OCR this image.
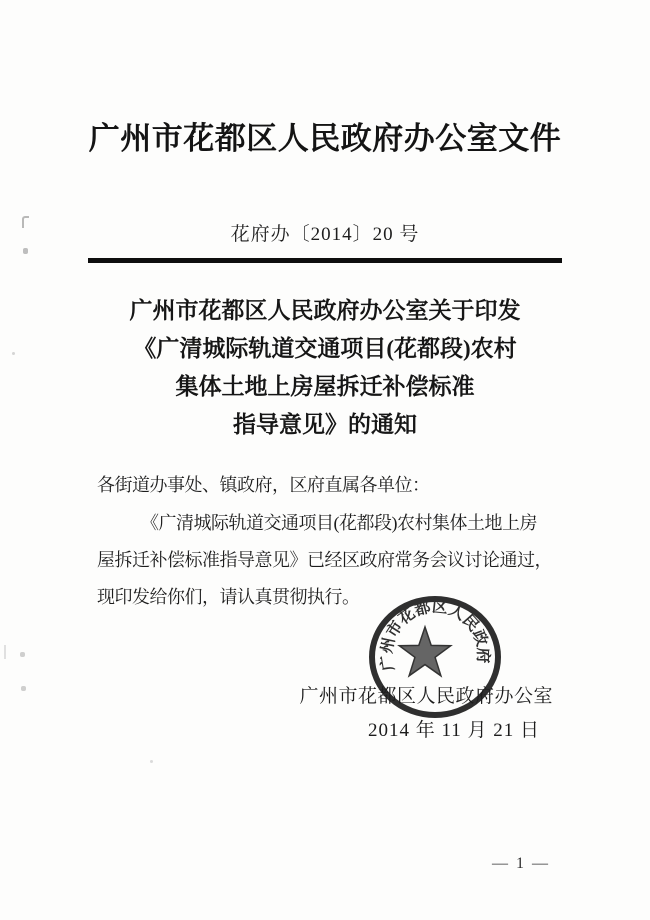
广州市花都区人民政府办公室文件
花府办〔2014〕20 号
广州市花都区人民政府办公室关于印发
《广清城际轨道交通项目(花都段)农村
集体土地上房屋拆迁补偿标准
指导意见》的通知
各街道办事处、镇政府，区府直属各单位：
《广清城际轨道交通项目(花都段)农村集体土地上房
屋拆迁补偿标准指导意见》已经区政府常务会议讨论通过，
现印发给你们，请认真贯彻执行。
广州市花都区人民政府办公室
2014 年 11 月 21 日
广州市花都区人民政府
— 1 —
